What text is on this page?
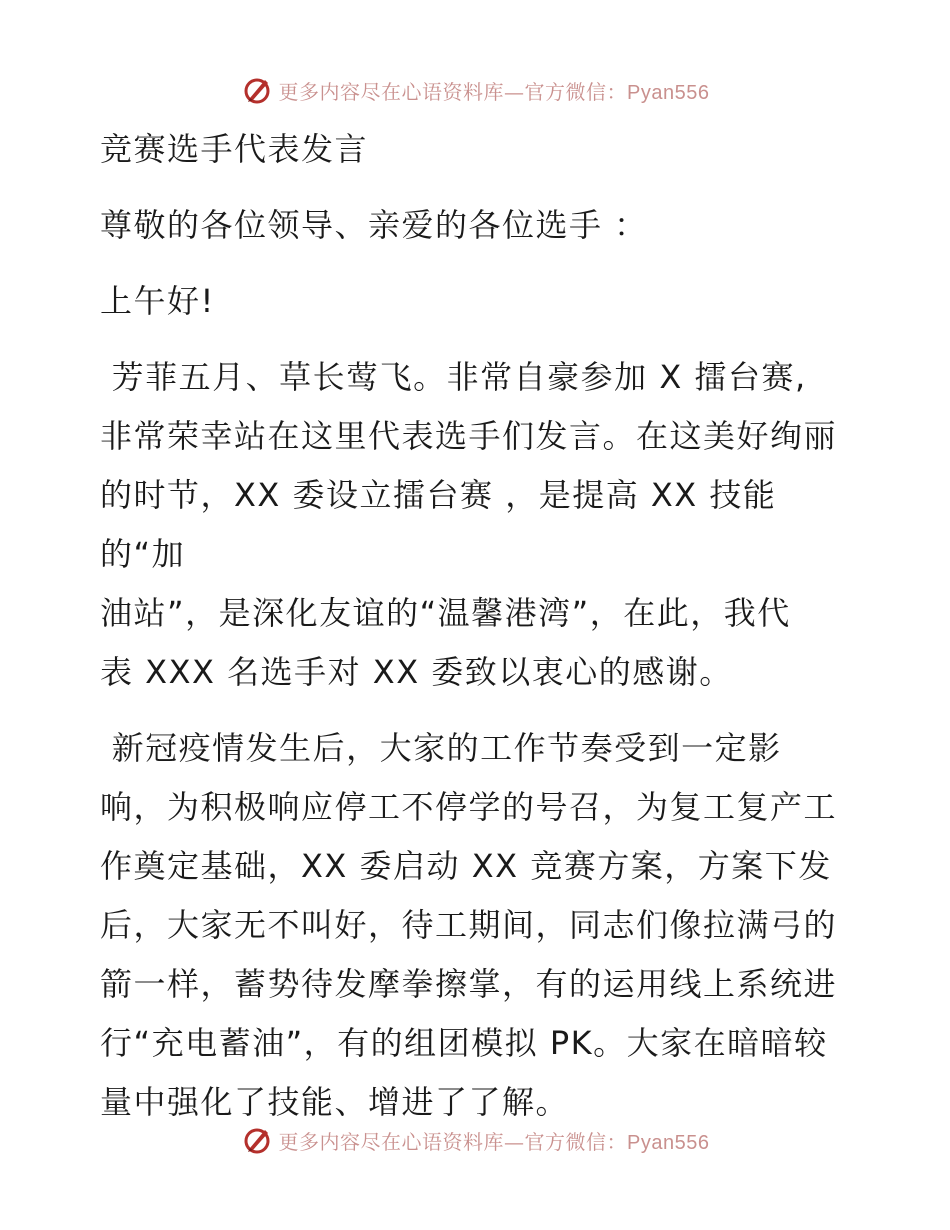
更多内容尽在心语资料库—官方微信：Pyan556

竞赛选手代表发言

尊敬的各位领导、亲爱的各位选手 ：

上午好!

芳菲五月、草长莺飞。非常自豪参加 X 擂台赛,

非常荣幸站在这里代表选手们发言。在这美好绚丽

的时节，XX 委设立擂台赛 ，是提高 XX 技能的“加

油站”，是深化友谊的“温馨港湾”，在此，我代

表 XXX 名选手对 XX 委致以衷心的感谢。

新冠疫情发生后，大家的工作节奏受到一定影

响，为积极响应停工不停学的号召，为复工复产工

作奠定基础，XX 委启动 XX 竞赛方案，方案下发

后，大家无不叫好，待工期间，同志们像拉满弓的

箭一样，蓄势待发摩拳擦掌，有的运用线上系统进

行“充电蓄油”，有的组团模拟 PK。大家在暗暗较

量中强化了技能、增进了了解。

更多内容尽在心语资料库—官方微信：Pyan556
